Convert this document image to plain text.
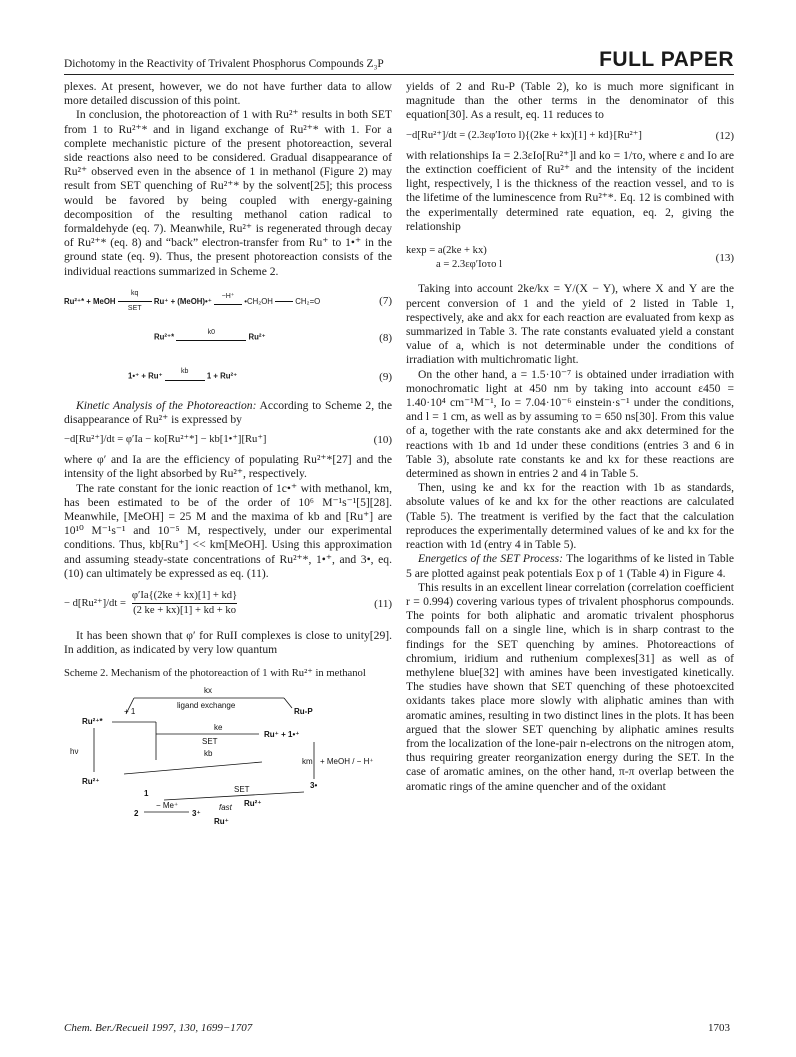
Dichotomy in the Reactivity of Trivalent Phosphorus Compounds Z₃P	FULL PAPER

plexes. At present, however, we do not have further data to allow more detailed discussion of this point.

In conclusion, the photoreaction of 1 with Ru²⁺ results in both SET from 1 to Ru²⁺* and in ligand exchange of Ru²⁺* with 1. For a complete mechanistic picture of the present photoreaction, several side reactions also need to be considered. Gradual disappearance of Ru²⁺ observed even in the absence of 1 in methanol (Figure 2) may result from SET quenching of Ru²⁺* by the solvent[25]; this process would be favored by being coupled with energy-gaining decomposition of the resulting methanol cation radical to formaldehyde (eq. 7). Meanwhile, Ru²⁺ is regenerated through decay of Ru²⁺* (eq. 8) and “back” electron-transfer from Ru⁺ to 1•⁺ in the ground state (eq. 9). Thus, the present photoreaction consists of the individual reactions summarized in Scheme 2.

Ru²⁺* + MeOH
kq
SET
Ru⁺ + (MeOH)•⁺
−H⁺
•CH₂OH	CH₂=O	(7)
Ru²⁺*
k0
Ru²⁺	(8)
1•⁺ + Ru⁺
kb
1 + Ru²⁺	(9)

Kinetic Analysis of the Photoreaction: According to Scheme 2, the disappearance of Ru²⁺ is expressed by

−d[Ru²⁺]/dt = φ′Ia − ko[Ru²⁺*] − kb[1•⁺][Ru⁺]	(10)

where φ′ and Ia are the efficiency of populating Ru²⁺*[27] and the intensity of the light absorbed by Ru²⁺, respectively.

The rate constant for the ionic reaction of 1c•⁺ with methanol, km, has been estimated to be of the order of 10⁶ M⁻¹s⁻¹[5][28]. Meanwhile, [MeOH] = 25 M and the maxima of kb and [Ru⁺] are 10¹⁰ M⁻¹s⁻¹ and 10⁻⁵ M, respectively, under our experimental conditions. Thus, kb[Ru⁺] << km[MeOH]. Using this approximation and assuming steady-state concentrations of Ru²⁺*, 1•⁺, and 3•, eq. (10) can ultimately be expressed as eq. (11).

− $d[Ru^{2+}]/dt = \frac{\varphi'Ia\{(2ke + kx)[1] + kd\}}{(2 ke + kx)[1] + kd + ko}$	(11)

It has been shown that φ′ for RuII complexes is close to unity[29]. In addition, as indicated by very low quantum

Scheme 2. Mechanism of the photoreaction of 1 with Ru²⁺ in methanol

kx
ligand exchange
Ru-P
Ru²⁺*
+ 1
ke
SET
Ru⁺ + 1•⁺
hν	kb
km + MeOH / − H⁺
Ru²⁺
1
3•
SET
2
− Me⁺
3⁺
fast Ru²⁺
Ru⁺

yields of 2 and Ru-P (Table 2), ko is much more significant in magnitude than the other terms in the denominator of this equation[30]. As a result, eq. 11 reduces to

−d[Ru²⁺]/dt = (2.3εφ′Ioτo l){(2ke + kx)[1] + kd}[Ru²⁺]	(12)

with relationships Ia = 2.3εIo[Ru²⁺]l and ko = 1/τo, where ε and Io are the extinction coefficient of Ru²⁺ and the intensity of the incident light, respectively, l is the thickness of the reaction vessel, and τo is the lifetime of the luminescence from Ru²⁺*. Eq. 12 is combined with the experimentally determined rate equation, eq. 2, giving the relationship

kexp = a(2ke + kx)
a = 2.3εφ′Ioτo l
(13)

Taking into account 2ke/kx = Y/(X − Y), where X and Y are the percent conversion of 1 and the yield of 2 listed in Table 1, respectively, ake and akx for each reaction are evaluated from kexp as summarized in Table 3. The rate constants evaluated yield a constant value of a, which is not determinable under the conditions of irradiation with multichromatic light.

On the other hand, a = 1.5·10⁻⁷ is obtained under irradiation with monochromatic light at 450 nm by taking into account ε450 = 1.40·10⁴ cm⁻¹M⁻¹, Io = 7.04·10⁻⁶ einstein·s⁻¹ under the conditions, and l = 1 cm, as well as by assuming τo = 650 ns[30]. From this value of a, together with the rate constants ake and akx determined for the reactions with 1b and 1d under these conditions (entries 3 and 6 in Table 3), absolute rate constants ke and kx for these reactions are determined as shown in entries 2 and 4 in Table 5.

Then, using ke and kx for the reaction with 1b as standards, absolute values of ke and kx for the other reactions are calculated (Table 5). The treatment is verified by the fact that the calculation reproduces the experimentally determined values of ke and kx for the reaction with 1d (entry 4 in Table 5).

Energetics of the SET Process: The logarithms of ke listed in Table 5 are plotted against peak potentials Eox p of 1 (Table 4) in Figure 4.

This results in an excellent linear correlation (correlation coefficient r = 0.994) covering various types of trivalent phosphorus compounds. The points for both aliphatic and aromatic trivalent phosphorus compounds fall on a single line, which is in sharp contrast to the findings for the SET quenching by amines. Photoreactions of chromium, iridium and ruthenium complexes[31] as well as of methylene blue[32] with amines have been investigated kinetically. The studies have shown that SET quenching of these photoexcited oxidants takes place more slowly with aliphatic amines than with aromatic amines, resulting in two distinct lines in the plots. It has been argued that the slower SET quenching by aliphatic amines results from the localization of the lone-pair n-electrons on the nitrogen atom, thus requiring greater reorganization energy during the SET. In the case of aromatic amines, on the other hand, π-π overlap between the aromatic rings of the amine quencher and of the oxidant

Chem. Ber./Recueil 1997, 130, 1699−1707	1703
